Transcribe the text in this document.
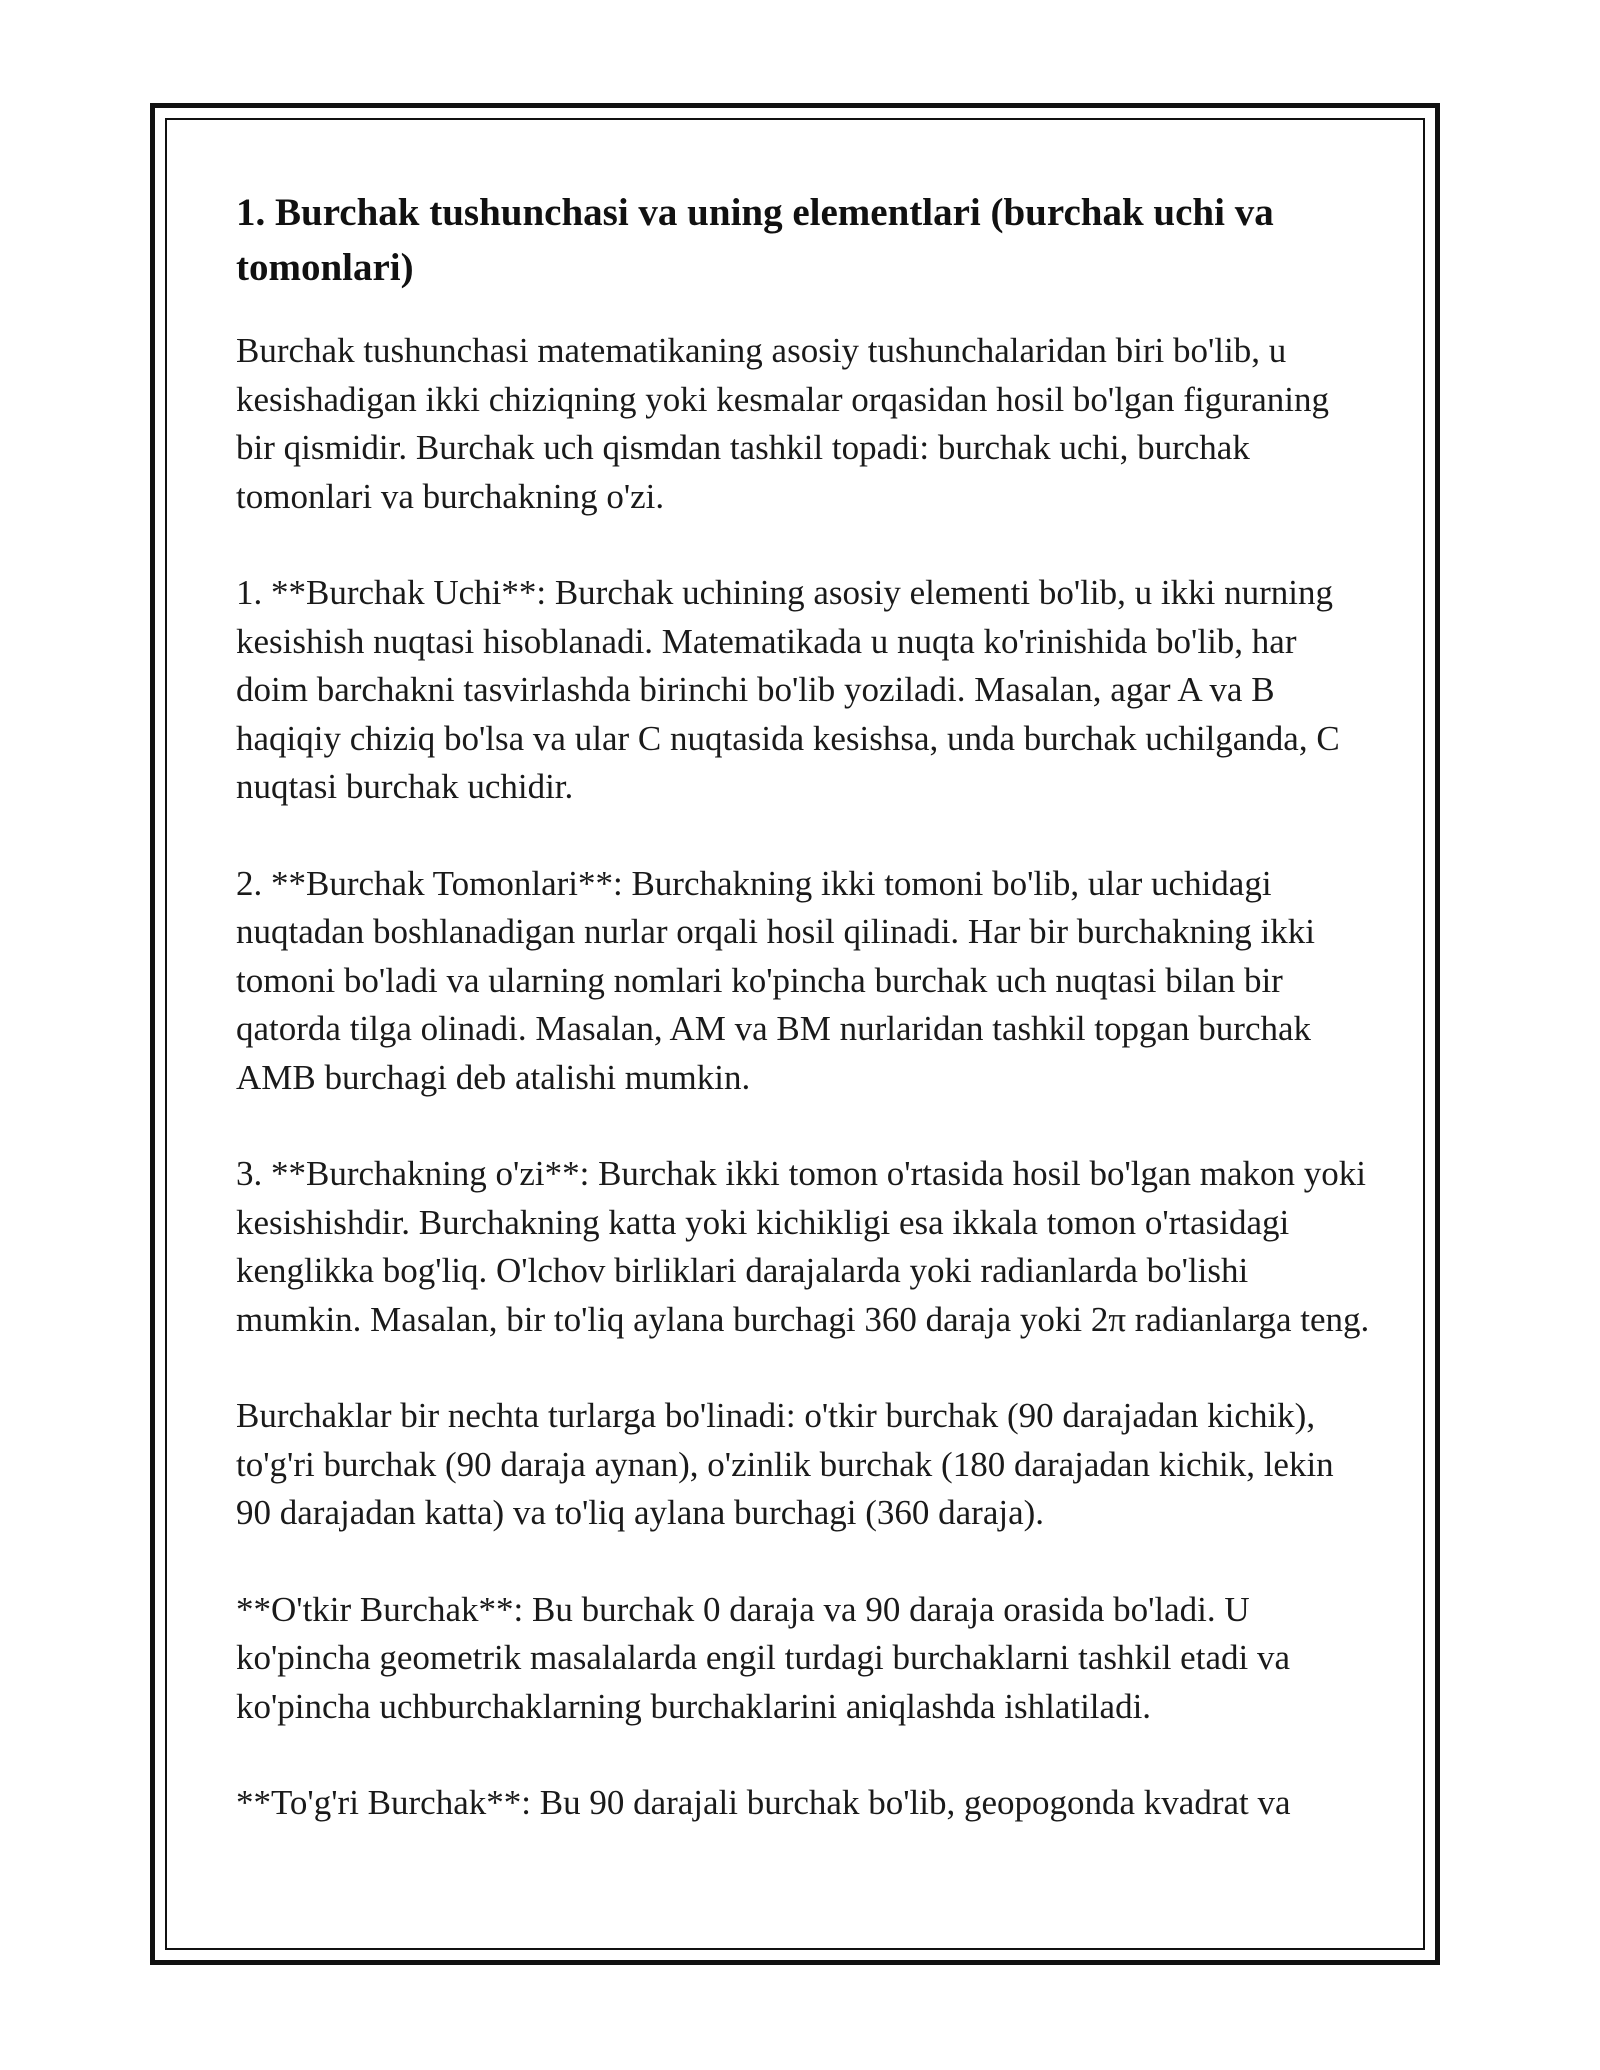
1. Burchak tushunchasi va uning elementlari (burchak uchi va tomonlari)

Burchak tushunchasi matematikaning asosiy tushunchalaridan biri bo'lib, u kesishadigan ikki chiziqning yoki kesmalar orqasidan hosil bo'lgan figuraning bir qismidir. Burchak uch qismdan tashkil topadi: burchak uchi, burchak tomonlari va burchakning o'zi.

1. **Burchak Uchi**: Burchak uchining asosiy elementi bo'lib, u ikki nurning kesishish nuqtasi hisoblanadi. Matematikada u nuqta ko'rinishida bo'lib, har doim barchakni tasvirlashda birinchi bo'lib yoziladi. Masalan, agar A va B haqiqiy chiziq bo'lsa va ular C nuqtasida kesishsa, unda burchak uchilganda, C nuqtasi burchak uchidir.

2. **Burchak Tomonlari**: Burchakning ikki tomoni bo'lib, ular uchidagi nuqtadan boshlanadigan nurlar orqali hosil qilinadi. Har bir burchakning ikki tomoni bo'ladi va ularning nomlari ko'pincha burchak uch nuqtasi bilan bir qatorda tilga olinadi. Masalan, AM va BM nurlaridan tashkil topgan burchak AMB burchagi deb atalishi mumkin.

3. **Burchakning o'zi**: Burchak ikki tomon o'rtasida hosil bo'lgan makon yoki kesishishdir. Burchakning katta yoki kichikligi esa ikkala tomon o'rtasidagi kenglikka bog'liq. O'lchov birliklari darajalarda yoki radianlarda bo'lishi mumkin. Masalan, bir to'liq aylana burchagi 360 daraja yoki 2π radianlarga teng.

Burchaklar bir nechta turlarga bo'linadi: o'tkir burchak (90 darajadan kichik), to'g'ri burchak (90 daraja aynan), o'zinlik burchak (180 darajadan kichik, lekin 90 darajadan katta) va to'liq aylana burchagi (360 daraja).

**O'tkir Burchak**: Bu burchak 0 daraja va 90 daraja orasida bo'ladi. U ko'pincha geometrik masalalarda engil turdagi burchaklarni tashkil etadi va ko'pincha uchburchaklarning burchaklarini aniqlashda ishlatiladi.

**To'g'ri Burchak**: Bu 90 darajali burchak bo'lib, geopogonda kvadrat va
